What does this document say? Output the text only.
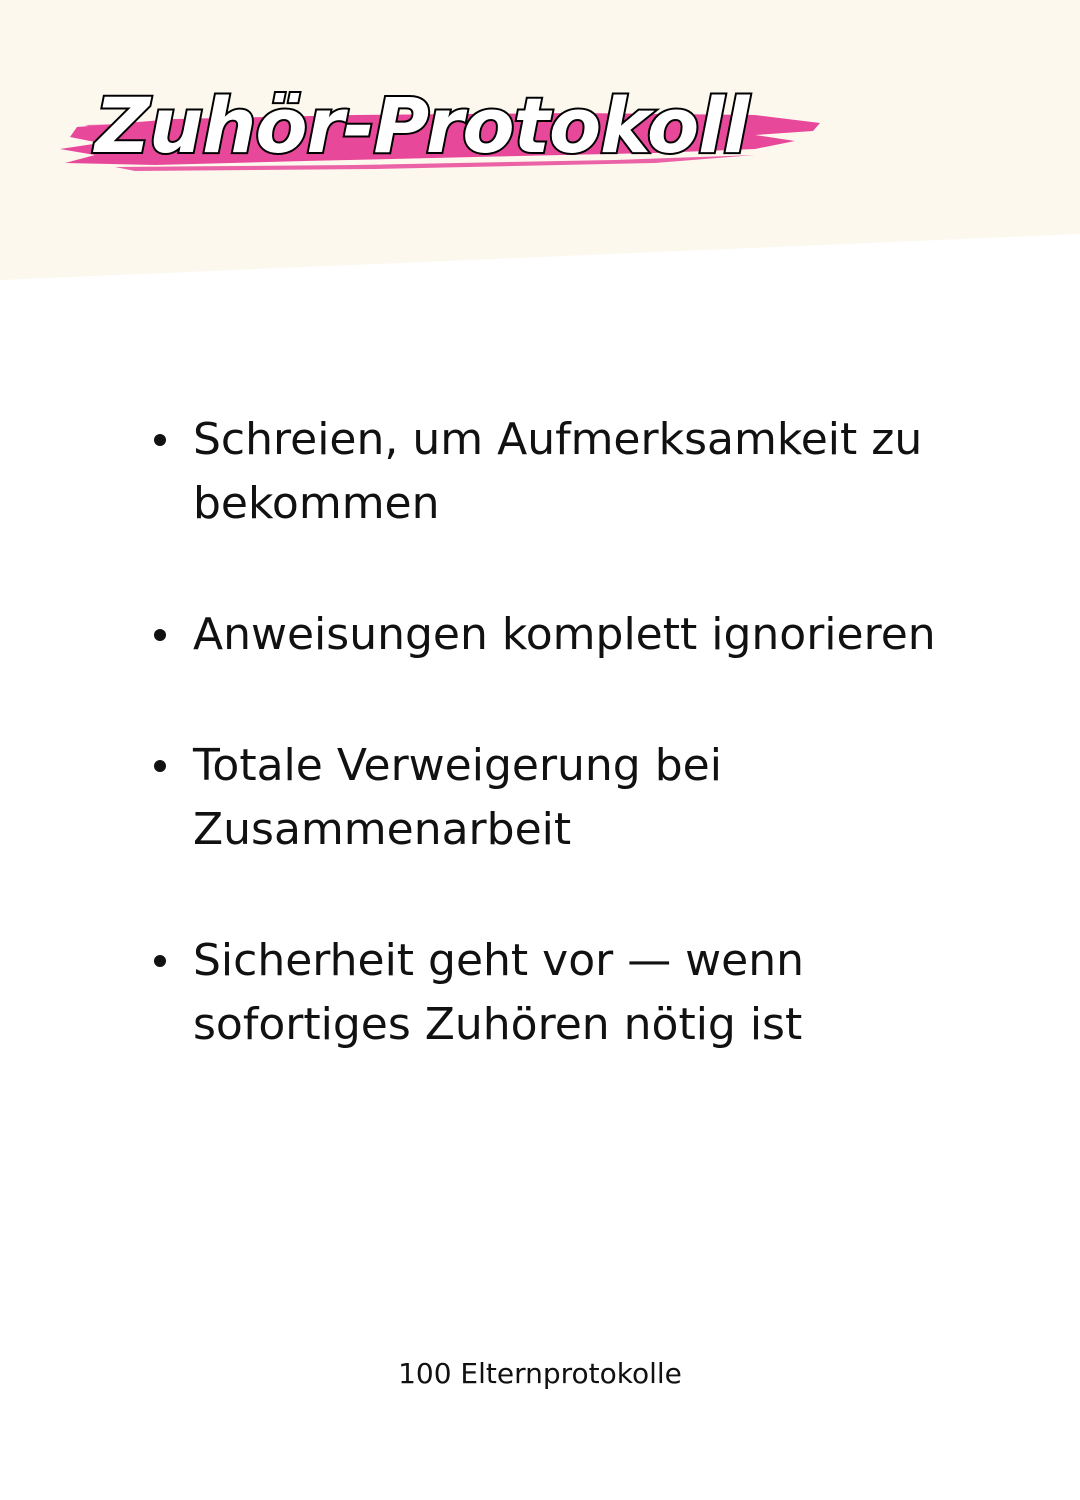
Zuhör-Protokoll
Schreien, um Aufmerksamkeit zu bekommen
Anweisungen komplett ignorieren
Totale Verweigerung bei Zusammenarbeit
Sicherheit geht vor — wenn sofortiges Zuhören nötig ist
100 Elternprotokolle
